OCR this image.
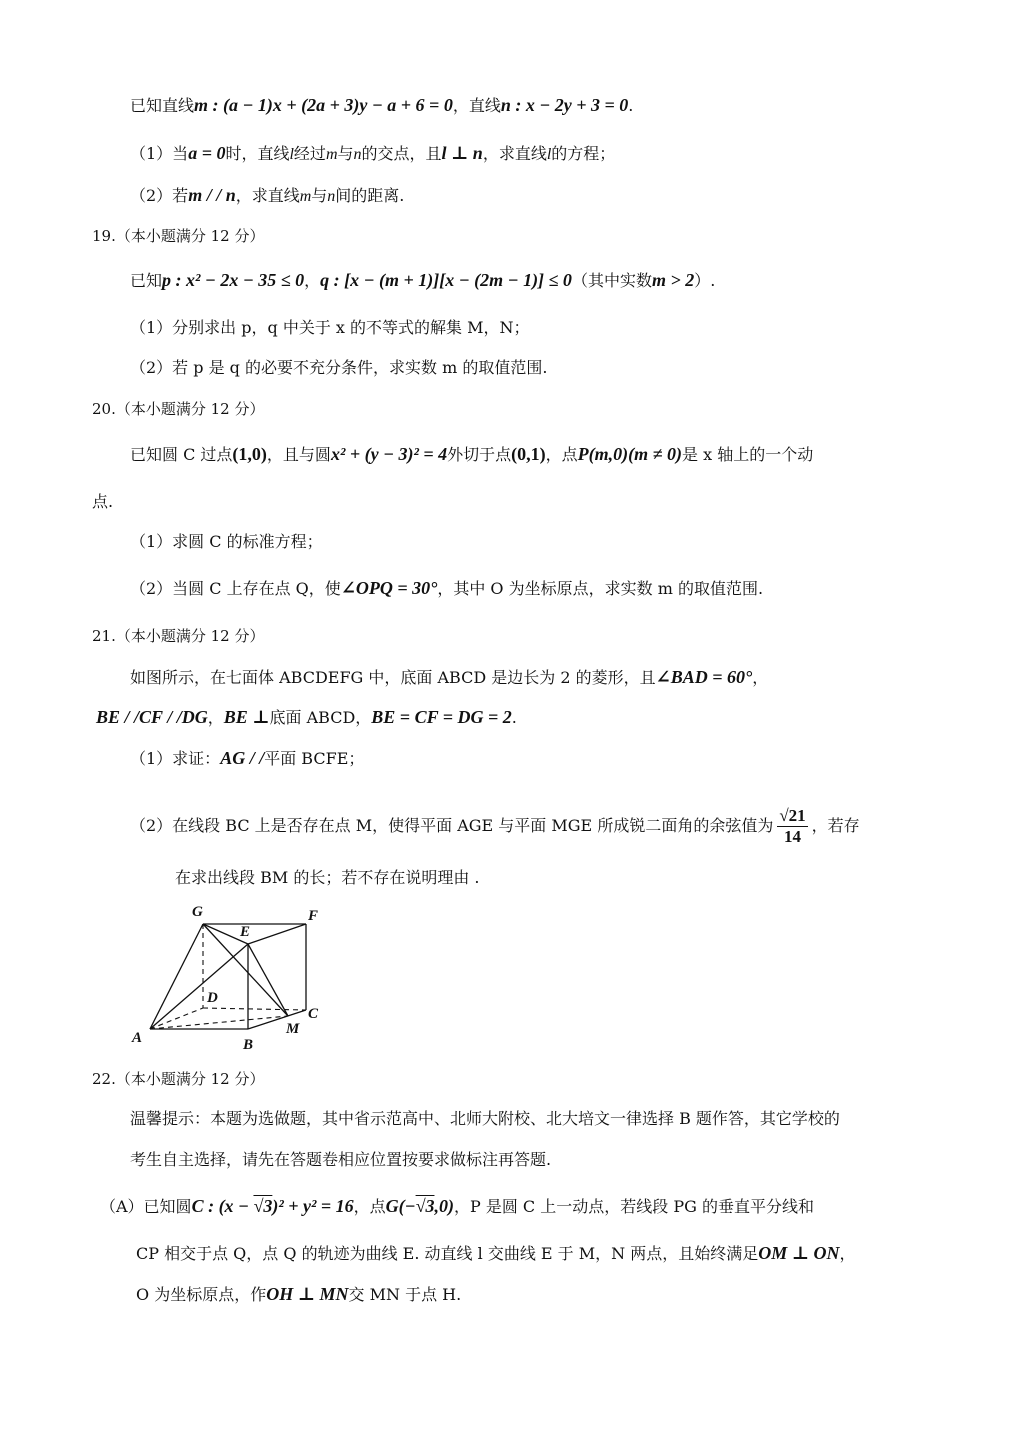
已知直线m : (a − 1)x + (2a + 3)y − a + 6 = 0，直线n : x − 2y + 3 = 0.
（1）当a = 0时，直线l经过m与n的交点，且l ⊥ n，求直线l的方程；
（2）若m / / n，求直线m与n间的距离.
19.（本小题满分 12 分）
已知p : x² − 2x − 35 ≤ 0，q : [x − (m + 1)][x − (2m − 1)] ≤ 0（其中实数m > 2）.
（1）分别求出 p，q 中关于 x 的不等式的解集 M，N；
（2）若 p 是 q 的必要不充分条件，求实数 m 的取值范围.
20.（本小题满分 12 分）
已知圆 C 过点(1,0)，且与圆x² + (y − 3)² = 4外切于点(0,1)，点P(m,0)(m ≠ 0)是 x 轴上的一个动
点.
（1）求圆 C 的标准方程；
（2）当圆 C 上存在点 Q，使∠OPQ = 30°，其中 O 为坐标原点，求实数 m 的取值范围.
21.（本小题满分 12 分）
如图所示，在七面体 ABCDEFG 中，底面 ABCD 是边长为 2 的菱形，且∠BAD = 60°，
BE / /CF / /DG，BE ⊥底面 ABCD，BE = CF = DG = 2.
（1）求证：AG / /平面 BCFE；
（2）在线段 BC 上是否存在点 M，使得平面 AGE 与平面 MGE 所成锐二面角的余弦值为 $\frac{√21}{14}$ ，若存
在求出线段 BM 的长；若不存在说明理由 .
G	F
E
D
C
M
A	B
22.（本小题满分 12 分）
温馨提示：本题为选做题，其中省示范高中、北师大附校、北大培文一律选择 B 题作答，其它学校的
考生自主选择，请先在答题卷相应位置按要求做标注再答题.
（A）已知圆C : (x − √3)² + y² = 16，点G(−√3,0)，P 是圆 C 上一动点，若线段 PG 的垂直平分线和
CP 相交于点 Q，点 Q 的轨迹为曲线 E. 动直线 l 交曲线 E 于 M，N 两点，且始终满足OM ⊥ ON，
O 为坐标原点，作OH ⊥ MN交 MN 于点 H.
